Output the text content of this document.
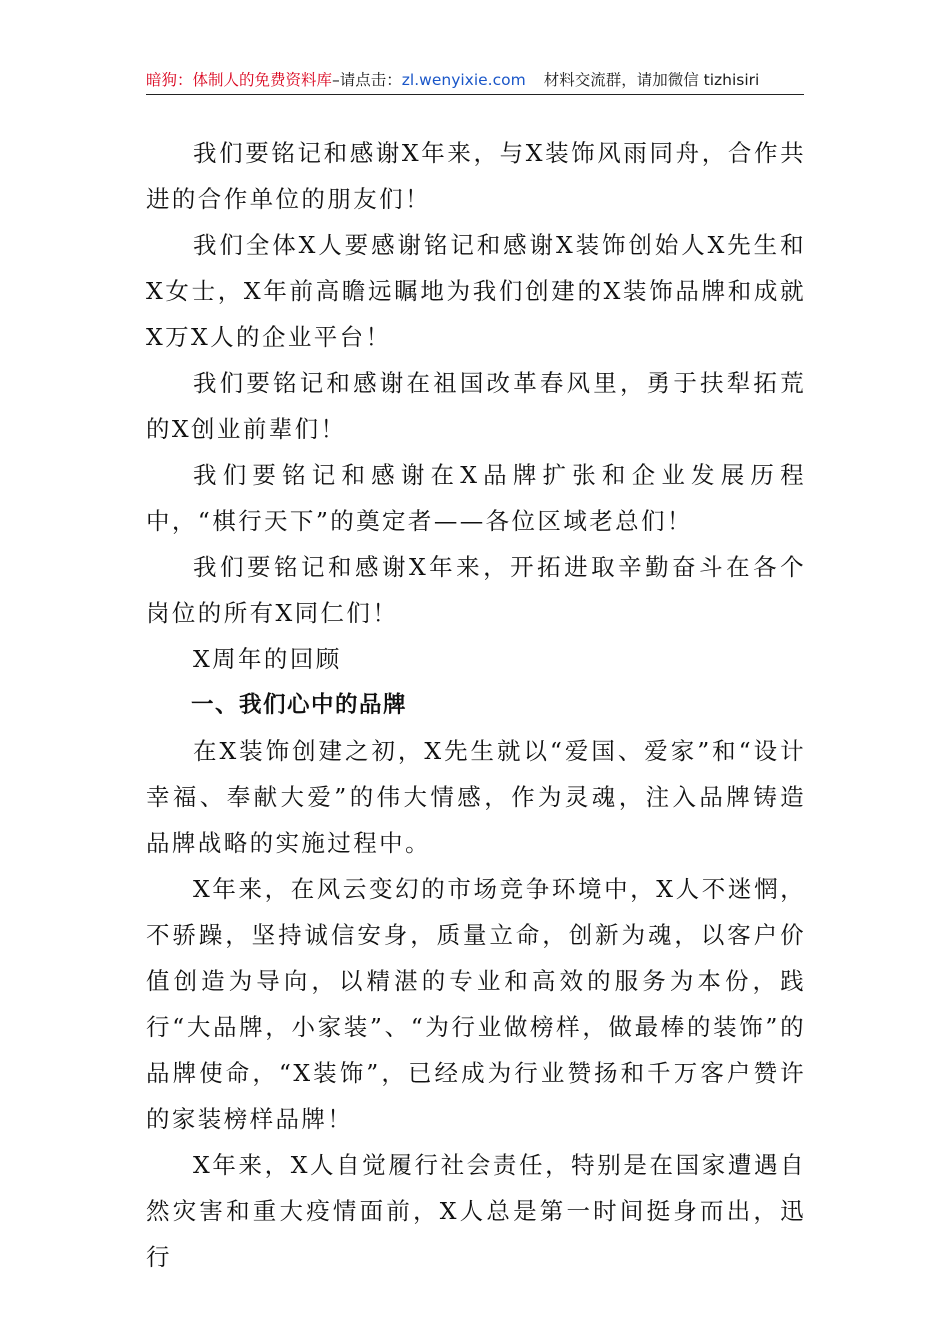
暗狗：体制人的免费资料库–请点击：zl.wenyixie.com 材料交流群，请加微信 tizhisiri

我们要铭记和感谢X年来，与X装饰风雨同舟，合作共进的合作单位的朋友们！

我们全体X人要感谢铭记和感谢X装饰创始人X先生和X女士，X年前高瞻远瞩地为我们创建的X装饰品牌和成就X万X人的企业平台！

我们要铭记和感谢在祖国改革春风里，勇于扶犁拓荒的X创业前辈们！

我们要铭记和感谢在X品牌扩张和企业发展历程中，“棋行天下”的奠定者——各位区域老总们！

我们要铭记和感谢X年来，开拓进取辛勤奋斗在各个岗位的所有X同仁们！

X周年的回顾

一、我们心中的品牌

在X装饰创建之初，X先生就以“爱国、爱家”和“设计幸福、奉献大爱”的伟大情感，作为灵魂，注入品牌铸造品牌战略的实施过程中。

X年来，在风云变幻的市场竞争环境中，X人不迷惘，不骄躁，坚持诚信安身，质量立命，创新为魂，以客户价值创造为导向，以精湛的专业和高效的服务为本份，践行“大品牌，小家装”、“为行业做榜样，做最棒的装饰”的品牌使命，“X装饰”，已经成为行业赞扬和千万客户赞许的家装榜样品牌！

X年来，X人自觉履行社会责任，特别是在国家遭遇自然灾害和重大疫情面前，X人总是第一时间挺身而出，迅行
